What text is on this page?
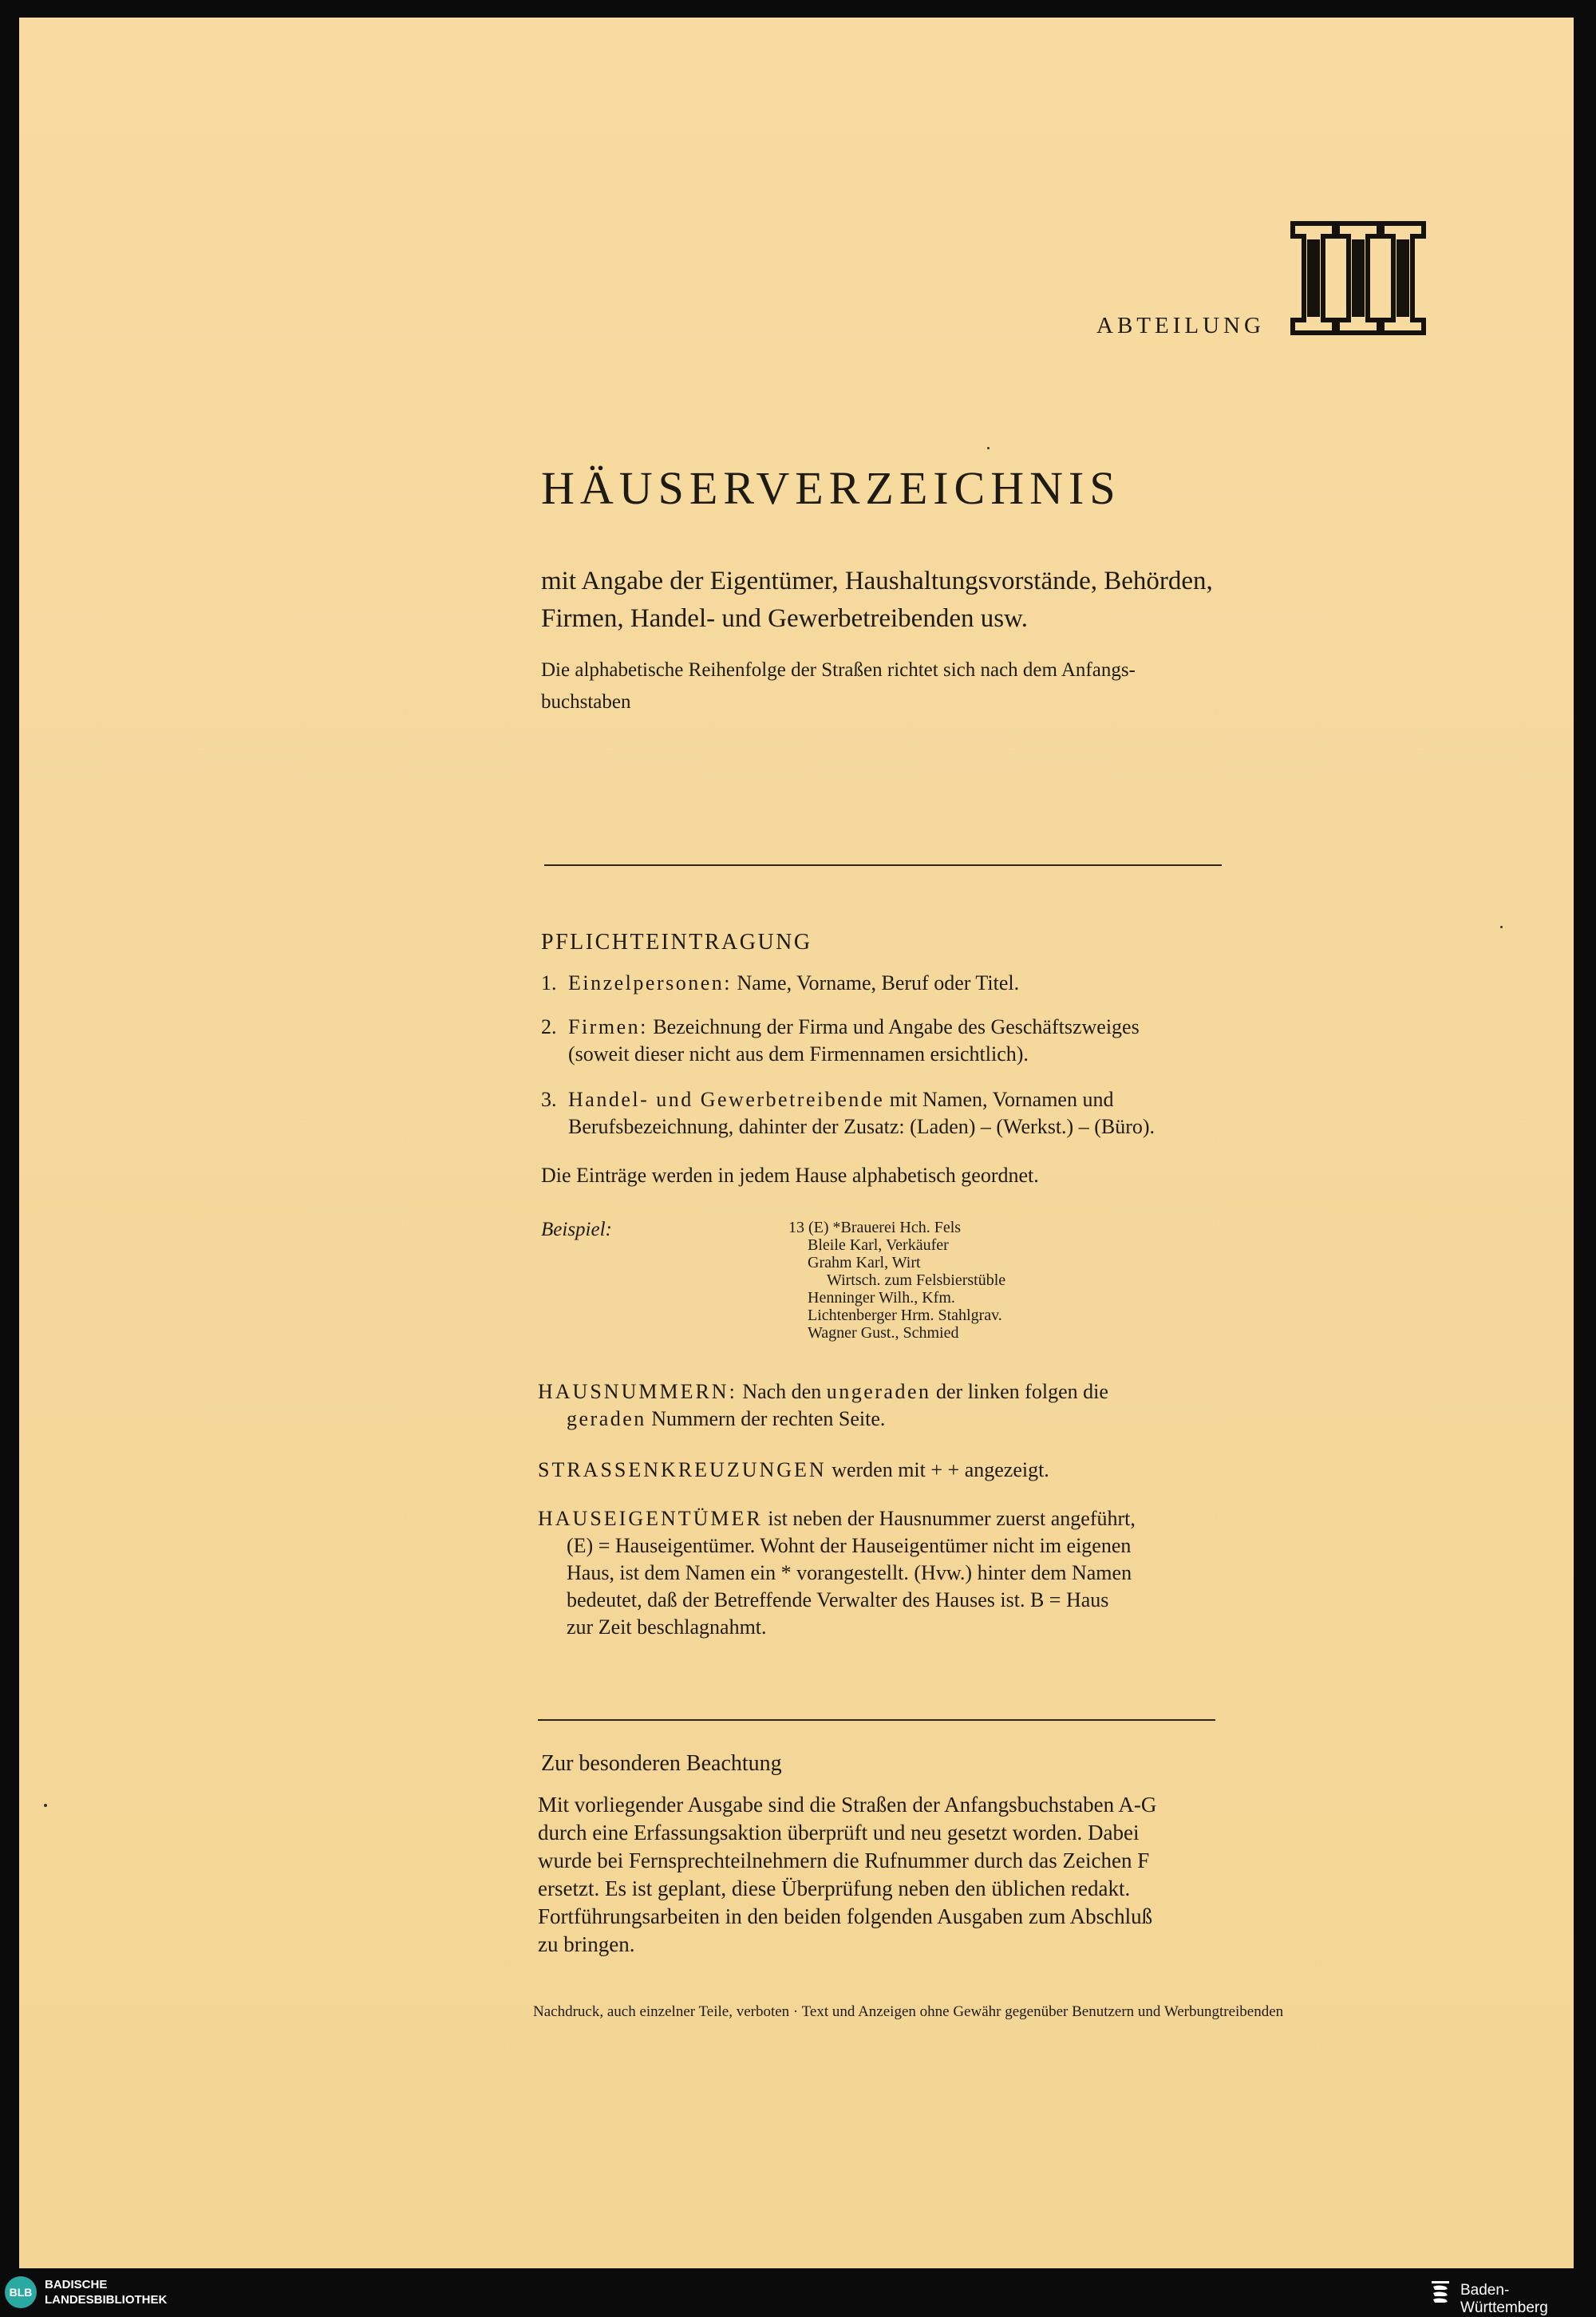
ABTEILUNG
HÄUSERVERZEICHNIS
mit Angabe der Eigentümer, Haushaltungsvorstände, Behörden,
Firmen, Handel- und Gewerbetreibenden usw.
Die alphabetische Reihenfolge der Straßen richtet sich nach dem Anfangs-
buchstaben
PFLICHTEINTRAGUNG
1. Einzelpersonen: Name, Vorname, Beruf oder Titel.
2. Firmen: Bezeichnung der Firma und Angabe des Geschäftszweiges
(soweit dieser nicht aus dem Firmennamen ersichtlich).
3. Handel- und Gewerbetreibende mit Namen, Vornamen und
Berufsbezeichnung, dahinter der Zusatz: (Laden) – (Werkst.) – (Büro).
Die Einträge werden in jedem Hause alphabetisch geordnet.
Beispiel:	13 (E) *Brauerei Hch. Fels
Bleile Karl, Verkäufer
Grahm Karl, Wirt
Wirtsch. zum Felsbierstüble
Henninger Wilh., Kfm.
Lichtenberger Hrm. Stahlgrav.
Wagner Gust., Schmied
HAUSNUMMERN: Nach den ungeraden der linken folgen die
geraden Nummern der rechten Seite.
STRASSENKREUZUNGEN werden mit + + angezeigt.
HAUSEIGENTÜMER ist neben der Hausnummer zuerst angeführt,
(E) = Hauseigentümer. Wohnt der Hauseigentümer nicht im eigenen
Haus, ist dem Namen ein * vorangestellt. (Hvw.) hinter dem Namen
bedeutet, daß der Betreffende Verwalter des Hauses ist. B = Haus
zur Zeit beschlagnahmt.
Zur besonderen Beachtung
Mit vorliegender Ausgabe sind die Straßen der Anfangsbuchstaben A-G
durch eine Erfassungsaktion überprüft und neu gesetzt worden. Dabei
wurde bei Fernsprechteilnehmern die Rufnummer durch das Zeichen F
ersetzt. Es ist geplant, diese Überprüfung neben den üblichen redakt.
Fortführungsarbeiten in den beiden folgenden Ausgaben zum Abschluß
zu bringen.
Nachdruck, auch einzelner Teile, verboten · Text und Anzeigen ohne Gewähr gegenüber Benutzern und Werbungtreibenden
BLB
BADISCHE
LANDESBIBLIOTHEK
Baden-Württemberg
